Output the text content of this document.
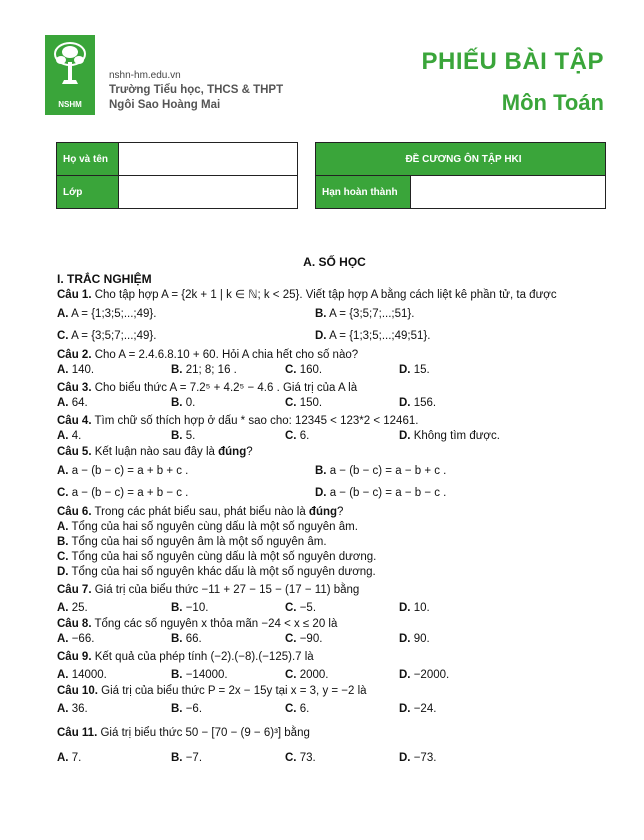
NSHM
nshn-hm.edu.vn
Trường Tiểu học, THCS & THPT
Ngôi Sao Hoàng Mai
PHIẾU BÀI TẬP
Môn Toán
Họ và tên	
Lớp	
ĐỀ CƯƠNG ÔN TẬP HKI
Hạn hoàn thành	
A. SỐ HỌC
I. TRẮC NGHIỆM
Câu 1. Cho tập hợp A = {2k + 1 | k ∈ ℕ; k < 25}. Viết tập hợp A bằng cách liệt kê phần tử, ta được
A. A = {1;3;5;...;49}.	B. A = {3;5;7;...;51}.
C. A = {3;5;7;...;49}.	D. A = {1;3;5;...;49;51}.
Câu 2. Cho A = 2.4.6.8.10 + 60. Hỏi A chia hết cho số nào?
A. 140.	B. 21; 8; 16 .	C. 160.	D. 15.
Câu 3. Cho biểu thức A = 7.2⁵ + 4.2⁵ − 4.6 . Giá trị của A là
A. 64.	B. 0.	C. 150.	D. 156.
Câu 4. Tìm chữ số thích hợp ở dấu * sao cho: 12345 < 123*2 < 12461.
A. 4.	B. 5.	C. 6.	D. Không tìm được.
Câu 5. Kết luận nào sau đây là đúng?
A. a − (b − c) = a + b + c .	B. a − (b − c) = a − b + c .
C. a − (b − c) = a + b − c .	D. a − (b − c) = a − b − c .
Câu 6. Trong các phát biểu sau, phát biểu nào là đúng?
A. Tổng của hai số nguyên cùng dấu là một số nguyên âm.
B. Tổng của hai số nguyên âm là một số nguyên âm.
C. Tổng của hai số nguyên cùng dấu là một số nguyên dương.
D. Tổng của hai số nguyên khác dấu là một số nguyên dương.
Câu 7. Giá trị của biểu thức −11 + 27 − 15 − (17 − 11) bằng
A. 25.	B. −10.	C. −5.	D. 10.
Câu 8. Tổng các số nguyên x thỏa mãn −24 < x ≤ 20 là
A. −66.	B. 66.	C. −90.	D. 90.
Câu 9. Kết quả của phép tính (−2).(−8).(−125).7 là
A. 14000.	B. −14000.	C. 2000.	D. −2000.
Câu 10. Giá trị của biểu thức P = 2x − 15y tại x = 3, y = −2 là
A. 36.	B. −6.	C. 6.	D. −24.
Câu 11. Giá trị biểu thức 50 − [70 − (9 − 6)³] bằng
A. 7.	B. −7.	C. 73.	D. −73.
